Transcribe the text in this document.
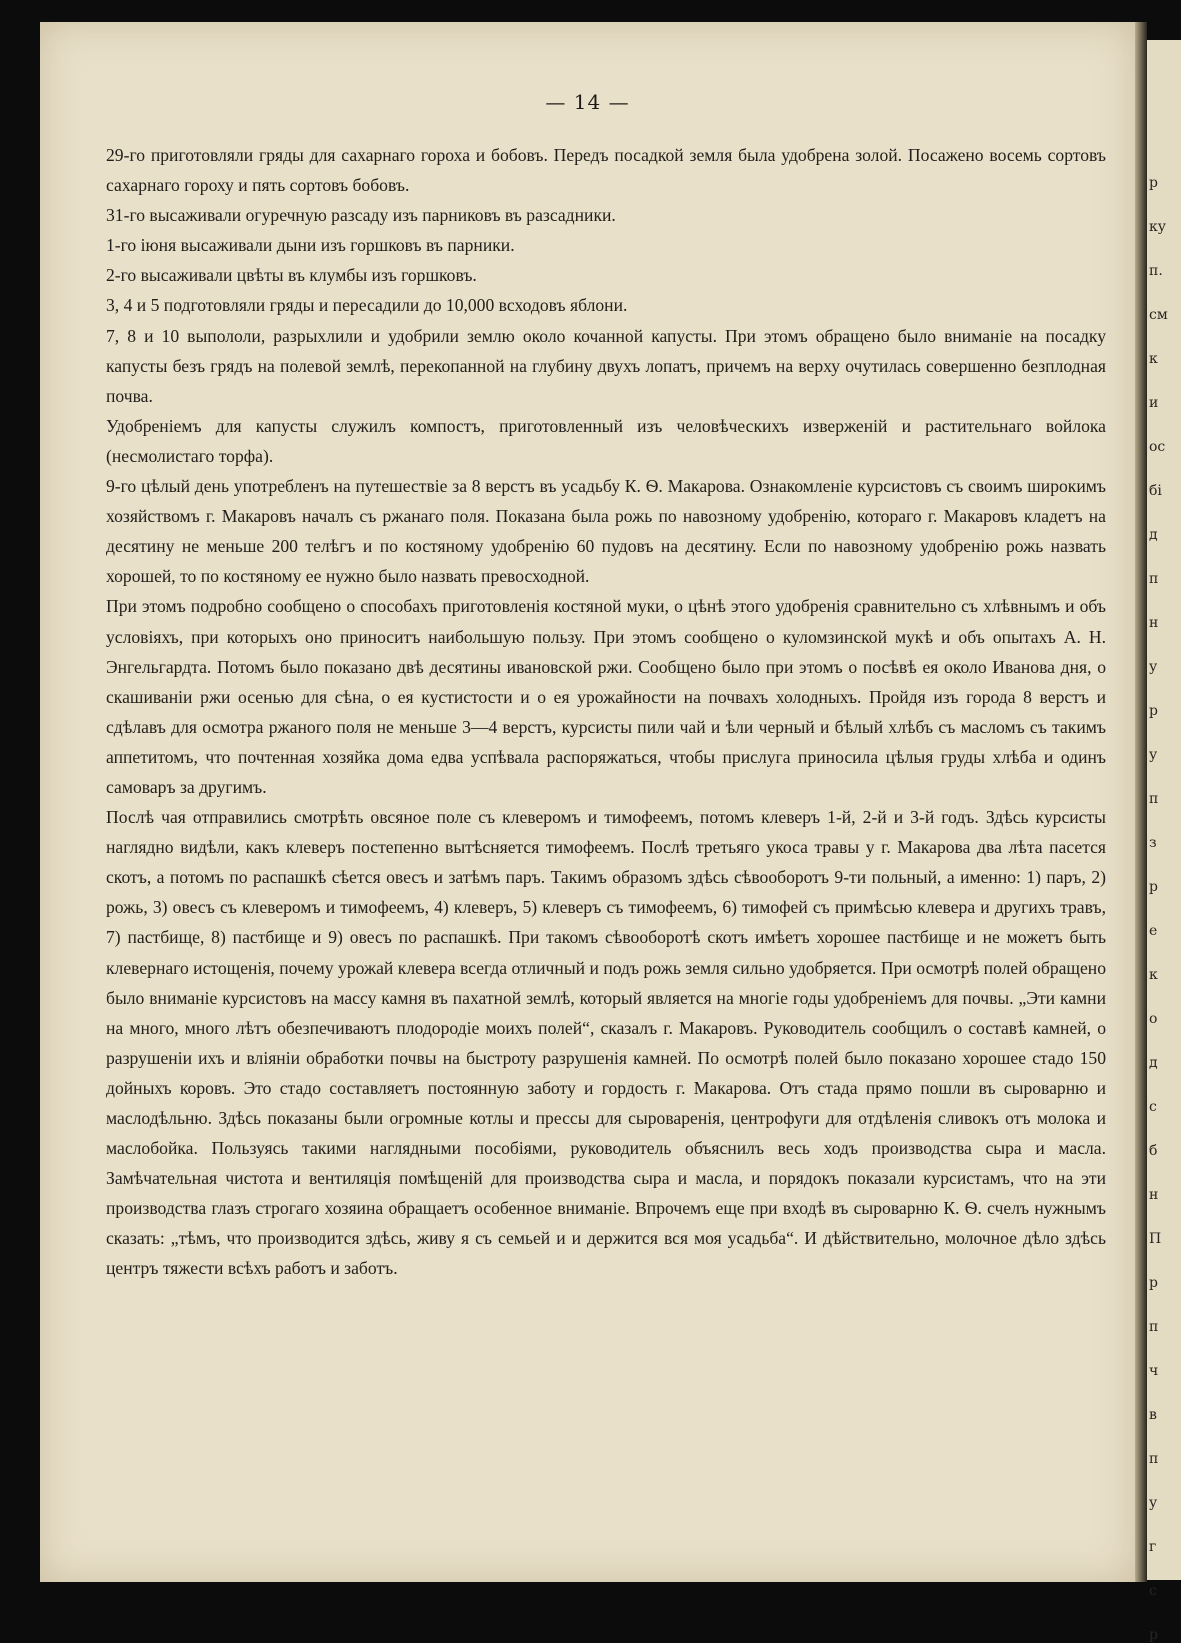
— 14 —

29-го приготовляли гряды для сахарнаго гороха и бобовъ. Передъ посадкой земля была удобрена золой. Посажено восемь сортовъ сахарнаго гороху и пять сортовъ бобовъ.

31-го высаживали огуречную разсаду изъ парниковъ въ разсадники.

1-го іюня высаживали дыни изъ горшковъ въ парники.

2-го высаживали цвѣты въ клумбы изъ горшковъ.

3, 4 и 5 подготовляли гряды и пересадили до 10,000 всходовъ яблони.

7, 8 и 10 выпололи, разрыхлили и удобрили землю около кочанной капусты. При этомъ обращено было вниманіе на посадку капусты безъ грядъ на полевой землѣ, перекопанной на глубину двухъ лопатъ, причемъ на верху очутилась совершенно безплодная почва.

Удобреніемъ для капусты служилъ компостъ, приготовленный изъ человѣческихъ изверженій и растительнаго войлока (несмолистаго торфа).

9-го цѣлый день употребленъ на путешествіе за 8 верстъ въ усадьбу К. Ѳ. Макарова. Ознакомленіе курсистовъ съ своимъ широкимъ хозяйствомъ г. Макаровъ началъ съ ржанаго поля. Показана была рожь по навозному удобренію, котораго г. Макаровъ кладетъ на десятину не меньше 200 телѣгъ и по костяному удобренію 60 пудовъ на десятину. Если по навозному удобренію рожь назвать хорошей, то по костяному ее нужно было назвать превосходной.

При этомъ подробно сообщено о способахъ приготовленія костяной муки, о цѣнѣ этого удобренія сравнительно съ хлѣвнымъ и объ условіяхъ, при которыхъ оно приноситъ наибольшую пользу. При этомъ сообщено о куломзинской мукѣ и объ опытахъ А. Н. Энгельгардта. Потомъ было показано двѣ десятины ивановской ржи. Сообщено было при этомъ о посѣвѣ ея около Иванова дня, о скашиваніи ржи осенью для сѣна, о ея кустистости и о ея урожайности на почвахъ холодныхъ. Пройдя изъ города 8 верстъ и сдѣлавъ для осмотра ржаного поля не меньше 3—4 верстъ, курсисты пили чай и ѣли черный и бѣлый хлѣбъ съ масломъ съ такимъ аппетитомъ, что почтенная хозяйка дома едва успѣвала распоряжаться, чтобы прислуга приносила цѣлыя груды хлѣба и одинъ самоваръ за другимъ.

Послѣ чая отправились смотрѣть овсяное поле съ клеверомъ и тимофеемъ, потомъ клеверъ 1-й, 2-й и 3-й годъ. Здѣсь курсисты наглядно видѣли, какъ клеверъ постепенно вытѣсняется тимофеемъ. Послѣ третьяго укоса травы у г. Макарова два лѣта пасется скотъ, а потомъ по распашкѣ сѣется овесъ и затѣмъ паръ. Такимъ образомъ здѣсь сѣвооборотъ 9-ти польный, а именно: 1) паръ, 2) рожь, 3) овесъ съ клеверомъ и тимофеемъ, 4) клеверъ, 5) клеверъ съ тимофеемъ, 6) тимофей съ примѣсью клевера и другихъ травъ, 7) пастбище, 8) пастбище и 9) овесъ по распашкѣ. При такомъ сѣвооборотѣ скотъ имѣетъ хорошее пастбище и не можетъ быть клевернаго истощенія, почему урожай клевера всегда отличный и подъ рожь земля сильно удобряется. При осмотрѣ полей обращено было вниманіе курсистовъ на массу камня въ пахатной землѣ, который является на многіе годы удобреніемъ для почвы. „Эти камни на много, много лѣтъ обезпечиваютъ плодородіе моихъ полей“, сказалъ г. Макаровъ. Руководитель сообщилъ о составѣ камней, о разрушеніи ихъ и вліяніи обработки почвы на быстроту разрушенія камней. По осмотрѣ полей было показано хорошее стадо 150 дойныхъ коровъ. Это стадо составляетъ постоянную заботу и гордость г. Макарова. Отъ стада прямо пошли въ сыроварню и маслодѣльню. Здѣсь показаны были огромные котлы и прессы для сыроваренія, центрофуги для отдѣленія сливокъ отъ молока и маслобойка. Пользуясь такими наглядными пособіями, руководитель объяснилъ весь ходъ производства сыра и масла. Замѣчательная чистота и вентиляція помѣщеній для производства сыра и масла, и порядокъ показали курсистамъ, что на эти производства глазъ строгаго хозяина обращаетъ особенное вниманіе. Впрочемъ еще при входѣ въ сыроварню К. Ѳ. счелъ нужнымъ сказать: „тѣмъ, что производится здѣсь, живу я съ семьей и и держится вся моя усадьба“. И дѣйствительно, молочное дѣло здѣсь центръ тяжести всѣхъ работъ и заботъ.

р
ку
п.
см
к
и
ос
бі
д
п
н
у
р
у
п
з
р
е
к
о
д
с
б
н
П
р
п
ч
в
п
у
г
с
р
